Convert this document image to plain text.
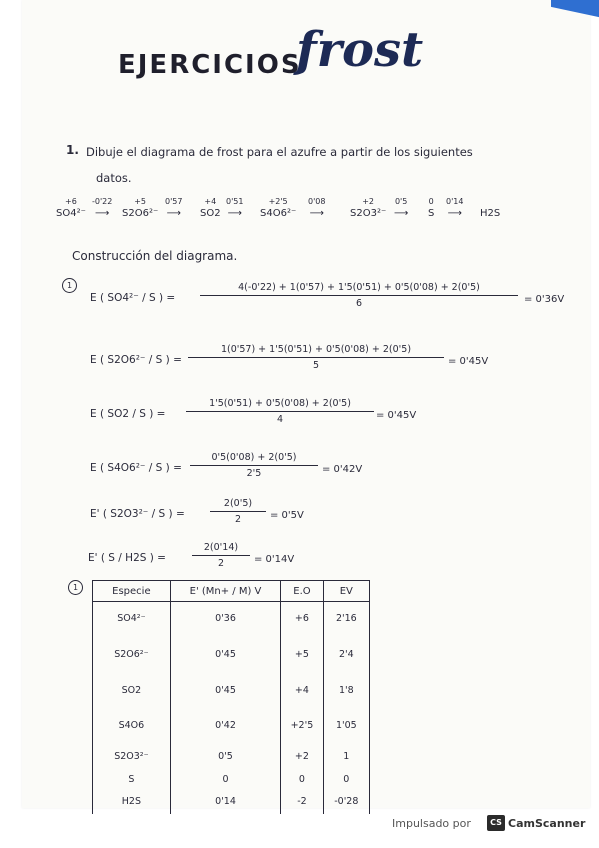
EJERCICIOS
frost
1. Dibuje el diagrama de frost para el azufre a partir de los siguientes
datos.
+6
SO4²⁻
-0'22
⟶
+5
S2O6²⁻
0'57
⟶
+4
SO2
0'51
⟶
+2'5
S4O6²⁻
0'08
⟶
+2
S2O3²⁻
0'5
⟶
0
S
0'14
⟶ H2S
Construcción del diagrama.
1
1
E ( SO4²⁻ / S ) =
4(-0'22) + 1(0'57) + 1'5(0'51) + 0'5(0'08) + 2(0'5)
6	= 0'36V
E ( S2O6²⁻ / S ) =
1(0'57) + 1'5(0'51) + 0'5(0'08) + 2(0'5)
5	= 0'45V
E ( SO2 / S ) =
1'5(0'51) + 0'5(0'08) + 2(0'5)
4	= 0'45V
E ( S4O6²⁻ / S ) =
0'5(0'08) + 2(0'5)
2'5	= 0'42V
E' ( S2O3²⁻ / S ) =
2(0'5)
2	= 0'5V
E' ( S / H2S ) =
2(0'14)
2	= 0'14V
Especie	E' (Mn+ / M) V	E.O	EV
SO4²⁻	0'36	+6	2'16
S2O6²⁻	0'45	+5	2'4
SO2	0'45	+4	1'8
S4O6	0'42	+2'5	1'05
S2O3²⁻	0'5	+2	1
S	0	0	0
H2S	0'14	-2	-0'28
Impulsado por	CS CamScanner
